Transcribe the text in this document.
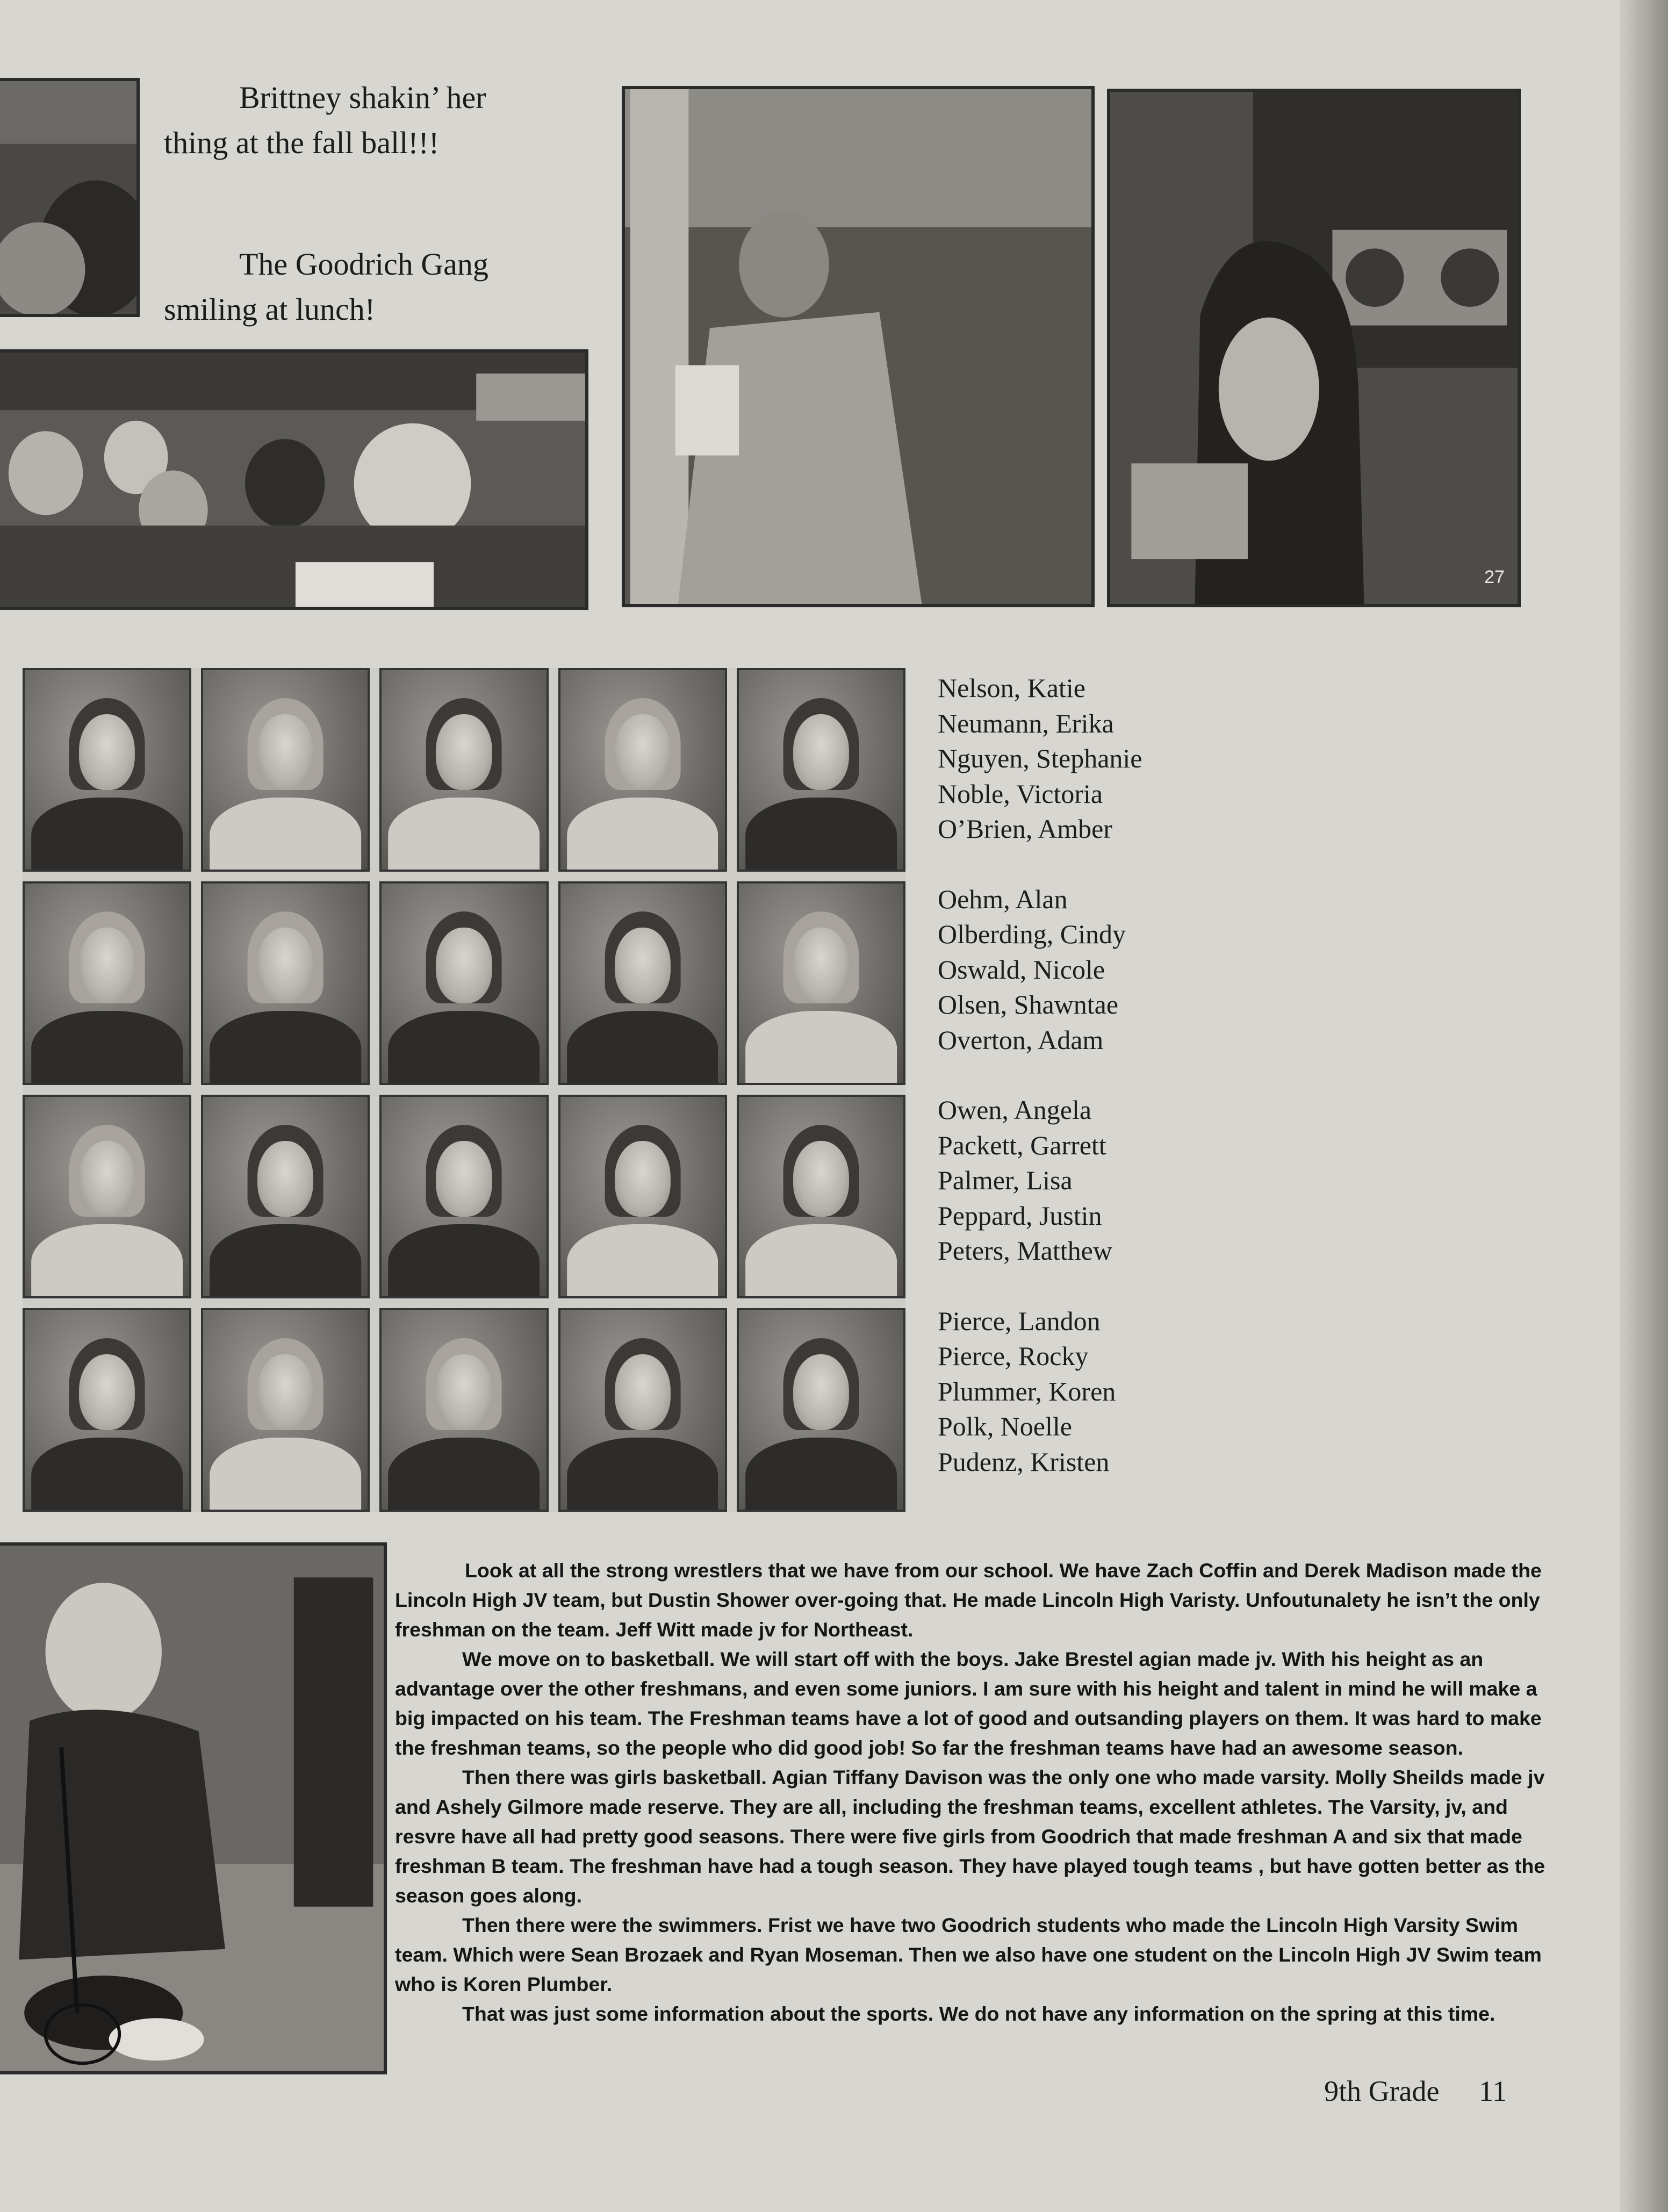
Brittney shakin’ her
thing at the fall ball!!!
The Goodrich Gang
smiling at lunch!
27
Nelson, Katie
Neumann, Erika
Nguyen, Stephanie
Noble, Victoria
O’Brien, Amber
Oehm, Alan
Olberding, Cindy
Oswald, Nicole
Olsen, Shawntae
Overton, Adam
Owen, Angela
Packett, Garrett
Palmer, Lisa
Peppard, Justin
Peters, Matthew
Pierce, Landon
Pierce, Rocky
Plummer, Koren
Polk, Noelle
Pudenz, Kristen

Look at all the strong wrestlers that we have from our school. We have Zach Coffin and Derek Madison made the Lincoln High JV team, but Dustin Shower over-going that. He made Lincoln High Varisty. Unfoutunalety he isn’t the only freshman on the team. Jeff Witt made jv for Northeast.

We move on to basketball. We will start off with the boys. Jake Brestel agian made jv. With his height as an advantage over the other freshmans, and even some juniors. I am sure with his height and talent in mind he will make a big impacted on his team. The Freshman teams have a lot of good and outsanding players on them. It was hard to make the freshman teams, so the people who did good job! So far the freshman teams have had an awesome season.

Then there was girls basketball. Agian Tiffany Davison was the only one who made varsity. Molly Sheilds made jv and Ashely Gilmore made reserve. They are all, including the freshman teams, excellent athletes. The Varsity, jv, and resvre have all had pretty good seasons. There were five girls from Goodrich that made freshman A and six that made freshman B team. The freshman have had a tough season. They have played tough teams , but have gotten better as the season goes along.

Then there were the swimmers. Frist we have two Goodrich students who made the Lincoln High Varsity Swim team. Which were Sean Brozaek and Ryan Moseman. Then we also have one student on the Lincoln High JV Swim team who is Koren Plumber.

That was just some information about the sports. We do not have any information on the spring at this time.

9th Grade 11
